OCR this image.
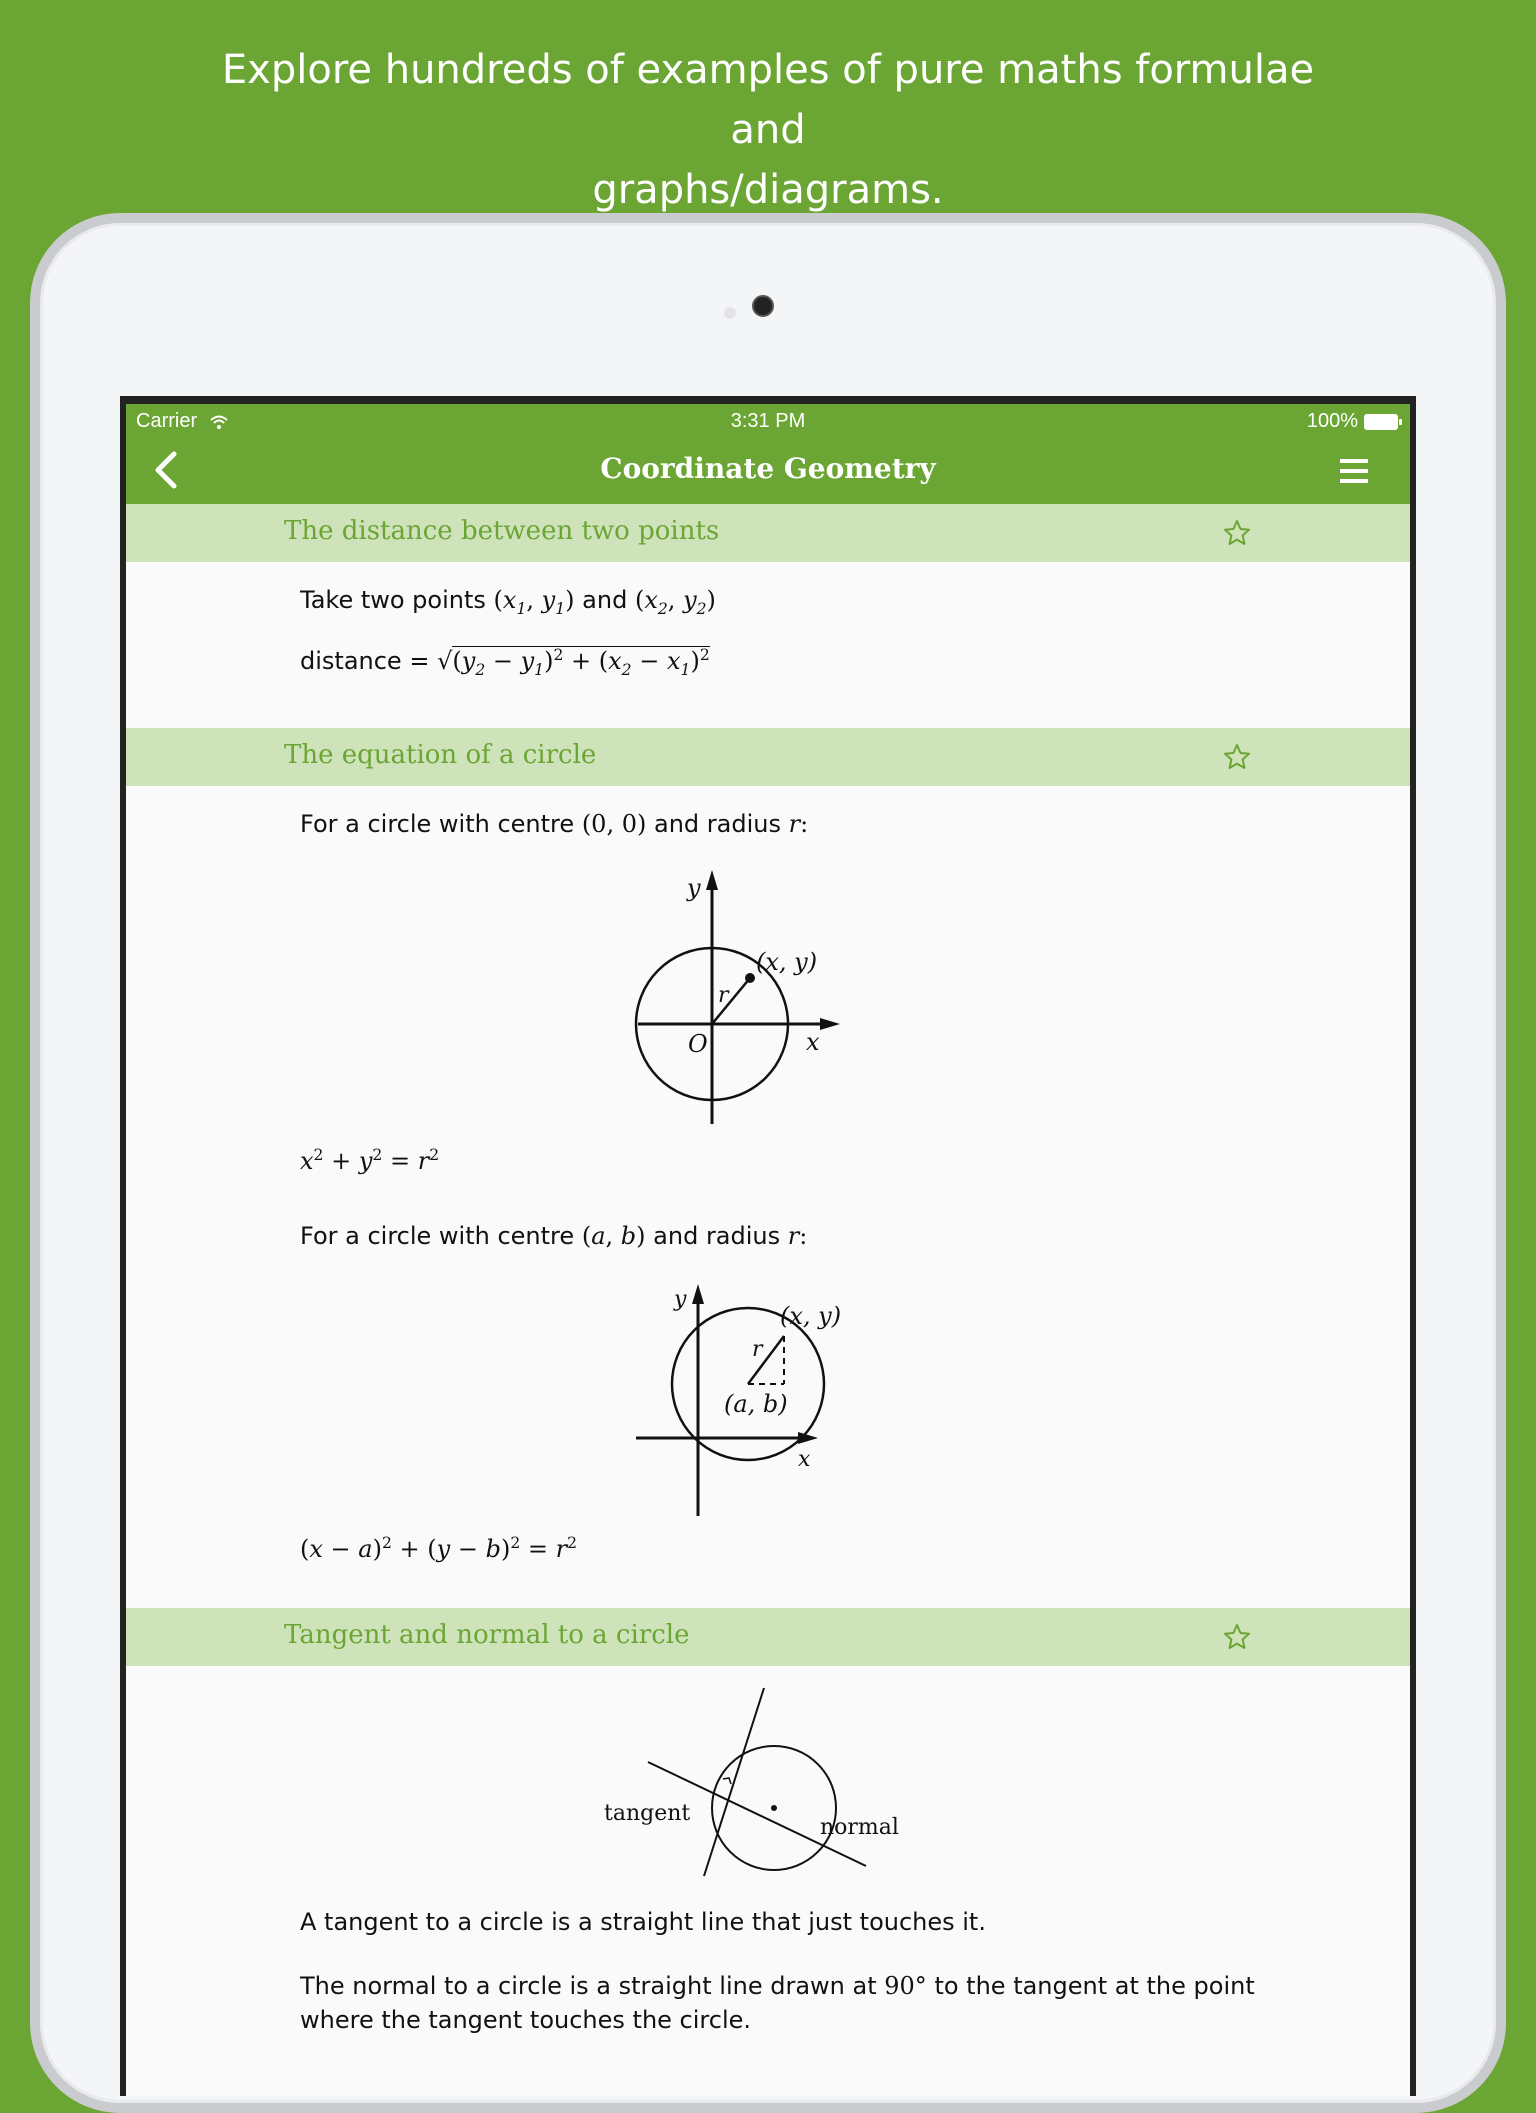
Explore hundreds of examples of pure maths formulae and
graphs/diagrams.
Carrier	3:31 PM	100%
Coordinate Geometry
The distance between two points
Take two points ($x_1$, $y_1$) and ($x_2$, $y_2$)
distance = $√(y_2 - y_1)^2 + (x_2 - x_1)^2$
The equation of a circle
For a circle with centre (0, 0) and radius r:
y
(x, y)
r
O	x
$x^2 + y^2 = r^2$
For a circle with centre (a, b) and radius r:
y
(x, y)
r
(a, b)
x
$(x - a)^2 + (y - b)^2 = r^2$
Tangent and normal to a circle
tangent
normal
A tangent to a circle is a straight line that just touches it.
The normal to a circle is a straight line drawn at 90° to the tangent at the point
where the tangent touches the circle.
